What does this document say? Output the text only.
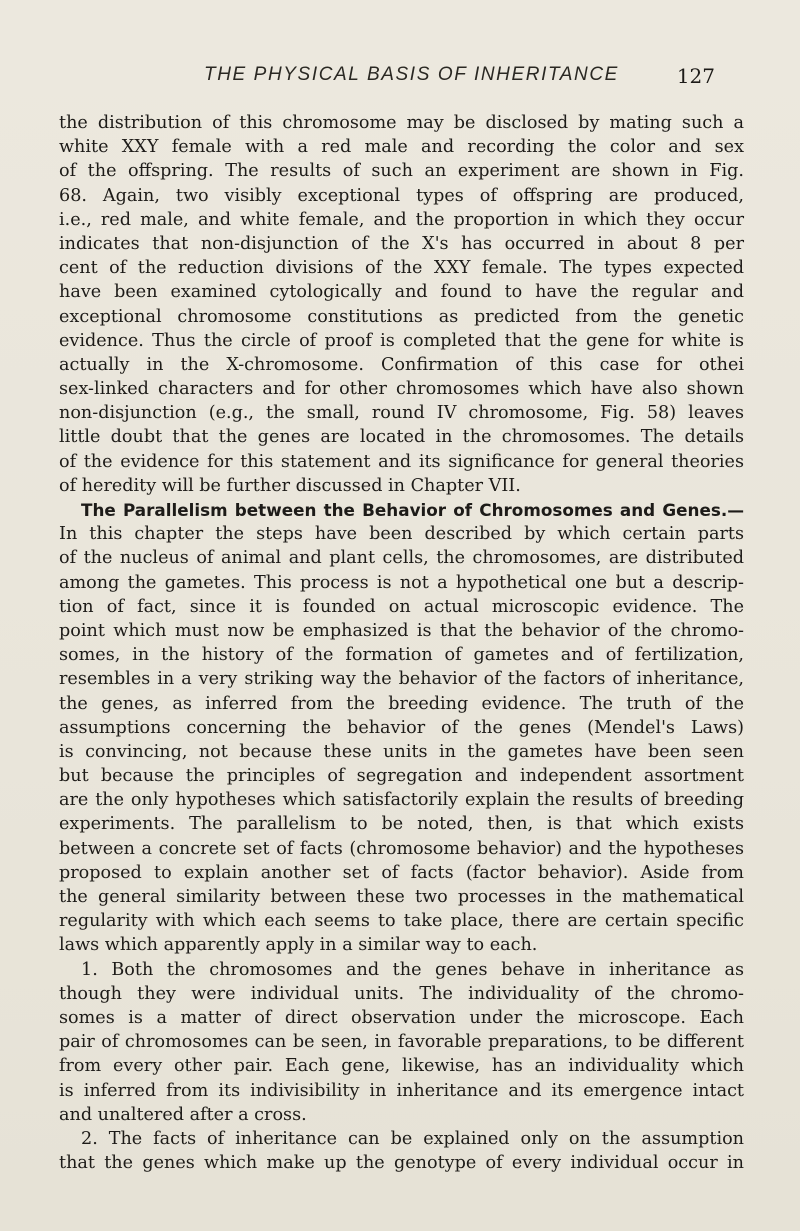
THE PHYSICAL BASIS OF INHERITANCE	127
the distribution of this chromosome may be disclosed by mating such a
white XXY female with a red male and recording the color and sex
of the offspring. The results of such an experiment are shown in Fig.
68. Again, two visibly exceptional types of offspring are produced,
i.e., red male, and white female, and the proportion in which they occur
indicates that non-disjunction of the X's has occurred in about 8 per
cent of the reduction divisions of the XXY female. The types expected
have been examined cytologically and found to have the regular and
exceptional chromosome constitutions as predicted from the genetic
evidence. Thus the circle of proof is completed that the gene for white is
actually in the X-chromosome. Confirmation of this case for othei
sex-linked characters and for other chromosomes which have also shown
non-disjunction (e.g., the small, round IV chromosome, Fig. 58) leaves
little doubt that the genes are located in the chromosomes. The details
of the evidence for this statement and its significance for general theories
of heredity will be further discussed in Chapter VII.
The Parallelism between the Behavior of Chromosomes and Genes.—
In this chapter the steps have been described by which certain parts
of the nucleus of animal and plant cells, the chromosomes, are distributed
among the gametes. This process is not a hypothetical one but a descrip-
tion of fact, since it is founded on actual microscopic evidence. The
point which must now be emphasized is that the behavior of the chromo-
somes, in the history of the formation of gametes and of fertilization,
resembles in a very striking way the behavior of the factors of inheritance,
the genes, as inferred from the breeding evidence. The truth of the
assumptions concerning the behavior of the genes (Mendel's Laws)
is convincing, not because these units in the gametes have been seen
but because the principles of segregation and independent assortment
are the only hypotheses which satisfactorily explain the results of breeding
experiments. The parallelism to be noted, then, is that which exists
between a concrete set of facts (chromosome behavior) and the hypotheses
proposed to explain another set of facts (factor behavior). Aside from
the general similarity between these two processes in the mathematical
regularity with which each seems to take place, there are certain specific
laws which apparently apply in a similar way to each.
1. Both the chromosomes and the genes behave in inheritance as
though they were individual units. The individuality of the chromo-
somes is a matter of direct observation under the microscope. Each
pair of chromosomes can be seen, in favorable preparations, to be different
from every other pair. Each gene, likewise, has an individuality which
is inferred from its indivisibility in inheritance and its emergence intact
and unaltered after a cross.
2. The facts of inheritance can be explained only on the assumption
that the genes which make up the genotype of every individual occur in
